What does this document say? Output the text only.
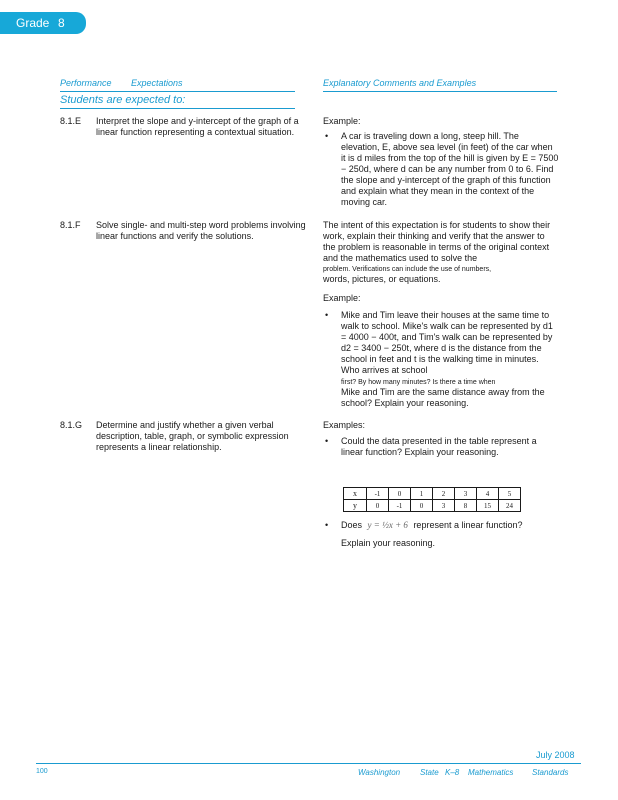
Grade 8
Performance Expectations	Explanatory Comments and Examples
Students are expected to:
8.1.E Interpret the slope and y-intercept of the graph of a linear function representing a contextual situation.
Example:
• A car is traveling down a long, steep hill. The elevation, E, above sea level (in feet) of the car when it is d miles from the top of the hill is given by E = 7500 − 250d, where d can be any number from 0 to 6. Find the slope and y-intercept of the graph of this function and explain what they mean in the context of the moving car.
8.1.F Solve single- and multi-step word problems involving linear functions and verify the solutions.
The intent of this expectation is for students to show their work, explain their thinking and verify that the answer to the problem is reasonable in terms of the original context and the mathematics used to solve the
problem. Verifications can include the use of numbers,
words, pictures, or equations.
Example:
• Mike and Tim leave their houses at the same time to walk to school. Mike's walk can be represented by d1 = 4000 − 400t, and Tim's walk can be represented by d2 = 3400 − 250t, where d is the distance from the school in feet and t is the walking time in minutes. Who arrives at school
first? By how many minutes? Is there a time when
Mike and Tim are the same distance away from the school? Explain your reasoning.
8.1.G Determine and justify whether a given verbal description, table, graph, or symbolic expression represents a linear relationship.
Examples:
• Could the data presented in the table represent a linear function? Explain your reasoning.
x	-1	0	1	2	3	4	5
y	0	-1	0	3	8	15	24
• Does y = ½x + 6 represent a linear function?
Explain your reasoning.
July 2008
100	Washington State K–8 Mathematics Standards
